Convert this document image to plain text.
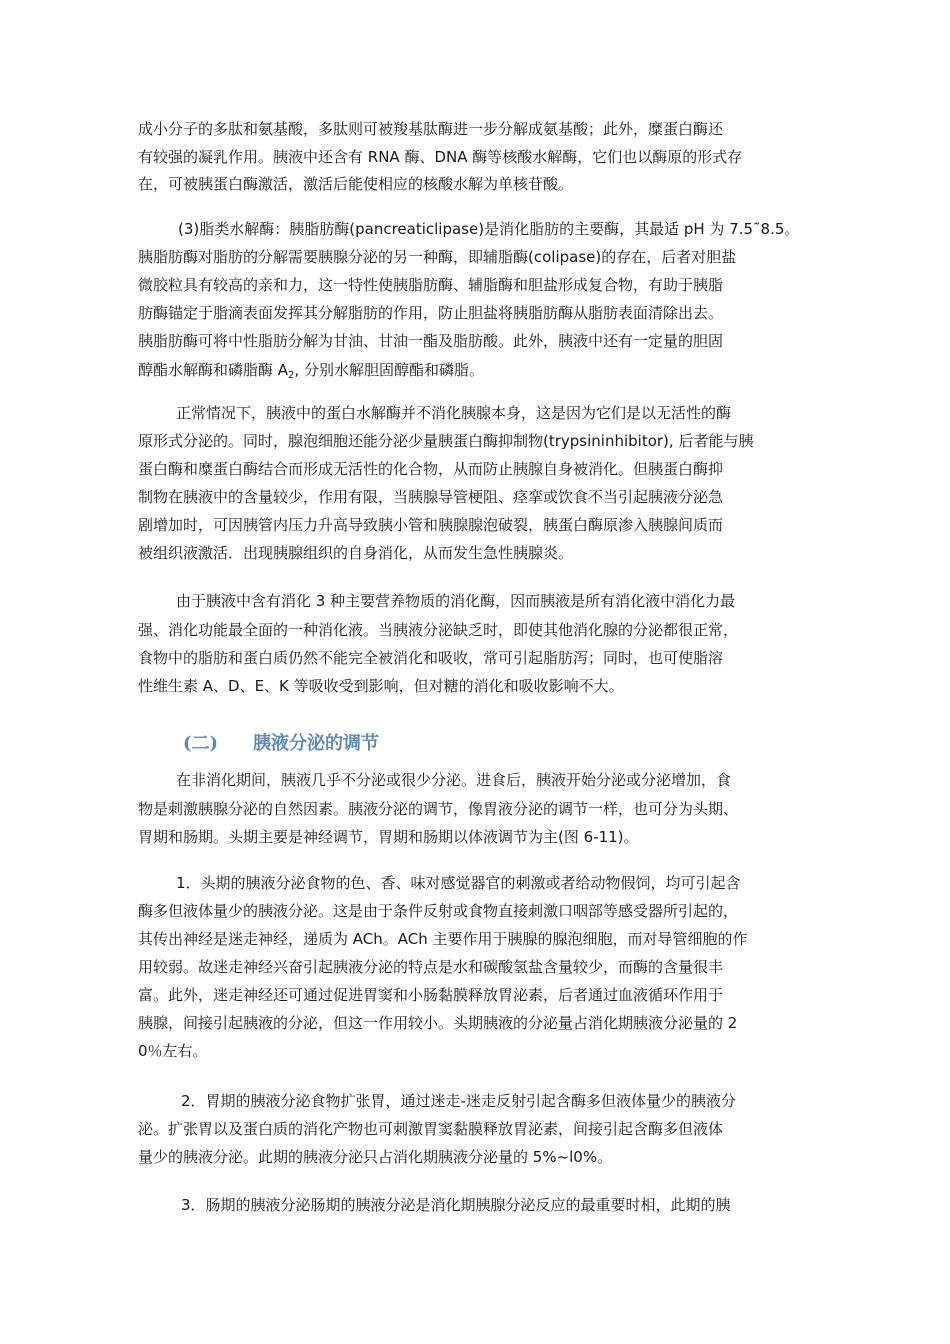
成小分子的多肽和氨基酸，多肽则可被羧基肽酶进一步分解成氨基酸；此外，糜蛋白酶还

有较强的凝乳作用。胰液中还含有 RNA 酶、DNA 酶等核酸水解酶，它们也以酶原的形式存

在，可被胰蛋白酶激活，激活后能使相应的核酸水解为单核苷酸。

(3)脂类水解酶：胰脂肪酶(pancreaticlipase)是消化脂肪的主要酶，其最适 pH 为 7.5˜8.5。

胰脂肪酶对脂肪的分解需要胰腺分泌的另一种酶，即辅脂酶(colipase)的存在，后者对胆盐

微胶粒具有较高的亲和力，这一特性使胰脂肪酶、辅脂酶和胆盐形成复合物，有助于胰脂

肪酶锚定于脂滴表面发挥其分解脂肪的作用，防止胆盐将胰脂肪酶从脂肪表面清除出去。

胰脂肪酶可将中性脂肪分解为甘油、甘油一酯及脂肪酸。此外，胰液中还有一定量的胆固

醇酯水解酶和磷脂酶 $A_2$, 分别水解胆固醇酯和磷脂。

正常情况下，胰液中的蛋白水解酶并不消化胰腺本身，这是因为它们是以无活性的酶

原形式分泌的。同时，腺泡细胞还能分泌少量胰蛋白酶抑制物(trypsininhibitor), 后者能与胰

蛋白酶和糜蛋白酶结合而形成无活性的化合物，从而防止胰腺自身被消化。但胰蛋白酶抑

制物在胰液中的含量较少，作用有限，当胰腺导管梗阻、痉挛或饮食不当引起胰液分泌急

剧增加时，可因胰管内压力升高导致胰小管和胰腺腺泡破裂，胰蛋白酶原渗入胰腺间质而

被组织液激活．出现胰腺组织的自身消化，从而发生急性胰腺炎。

由于胰液中含有消化 3 种主要营养物质的消化酶，因而胰液是所有消化液中消化力最

强、消化功能最全面的一种消化液。当胰液分泌缺乏时，即使其他消化腺的分泌都很正常，

食物中的脂肪和蛋白质仍然不能完全被消化和吸收，常可引起脂肪泻；同时，也可使脂溶

性维生素 A、D、E、K 等吸收受到影响，但对糖的消化和吸收影响不大。

(二) 胰液分泌的调节

在非消化期间，胰液几乎不分泌或很少分泌。进食后，胰液开始分泌或分泌增加，食

物是刺激胰腺分泌的自然因素。胰液分泌的调节，像胃液分泌的调节一样，也可分为头期、

胃期和肠期。头期主要是神经调节，胃期和肠期以体液调节为主(图 6-11)。

1．头期的胰液分泌食物的色、香、味对感觉器官的刺激或者给动物假饲，均可引起含

酶多但液体量少的胰液分泌。这是由于条件反射或食物直接刺激口咽部等感受器所引起的，

其传出神经是迷走神经，递质为 ACh。ACh 主要作用于胰腺的腺泡细胞，而对导管细胞的作

用较弱。故迷走神经兴奋引起胰液分泌的特点是水和碳酸氢盐含量较少，而酶的含量很丰

富。此外，迷走神经还可通过促进胃窦和小肠黏膜释放胃泌素，后者通过血液循环作用于

胰腺，间接引起胰液的分泌，但这一作用较小。头期胰液的分泌量占消化期胰液分泌量的 2

0％左右。

2．胃期的胰液分泌食物扩张胃，通过迷走-迷走反射引起含酶多但液体量少的胰液分

泌。扩张胃以及蛋白质的消化产物也可刺激胃窦黏膜释放胃泌素，间接引起含酶多但液体

量少的胰液分泌。此期的胰液分泌只占消化期胰液分泌量的 5%~l0%。

3．肠期的胰液分泌肠期的胰液分泌是消化期胰腺分泌反应的最重要时相，此期的胰
